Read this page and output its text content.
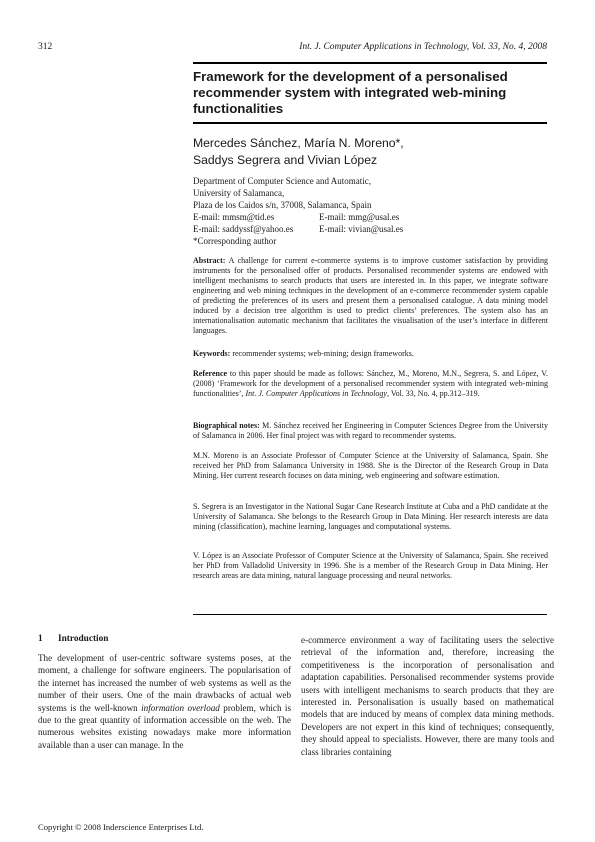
312	Int. J. Computer Applications in Technology, Vol. 33, No. 4, 2008
Framework for the development of a personalised recommender system with integrated web-mining functionalities
Mercedes Sánchez, María N. Moreno*,
Saddys Segrera and Vivian López
Department of Computer Science and Automatic,
University of Salamanca,
Plaza de los Caidos s/n, 37008, Salamanca, Spain
E-mail: mmsm@tid.es	E-mail: mmg@usal.es
E-mail: saddyssf@yahoo.es	E-mail: vivian@usal.es
*Corresponding author
Abstract: A challenge for current e-commerce systems is to improve customer satisfaction by providing instruments for the personalised offer of products. Personalised recommender systems are endowed with intelligent mechanisms to search products that users are interested in. In this paper, we integrate software engineering and web mining techniques in the development of an e-commerce recommender system capable of predicting the preferences of its users and present them a personalised catalogue. A data mining model induced by a decision tree algorithm is used to predict clients’ preferences. The system also has an internationalisation automatic mechanism that facilitates the visualisation of the user’s interface in different languages.
Keywords: recommender systems; web-mining; design frameworks.
Reference to this paper should be made as follows: Sánchez, M., Moreno, M.N., Segrera, S. and López, V. (2008) ‘Framework for the development of a personalised recommender system with integrated web-mining functionalities’, Int. J. Computer Applications in Technology, Vol. 33, No. 4, pp.312–319.
Biographical notes: M. Sánchez received her Engineering in Computer Sciences Degree from the University of Salamanca in 2006. Her final project was with regard to recommender systems.
M.N. Moreno is an Associate Professor of Computer Science at the University of Salamanca, Spain. She received her PhD from Salamanca University in 1988. She is the Director of the Research Group in Data Mining. Her current research focuses on data mining, web engineering and software estimation.
S. Segrera is an Investigator in the National Sugar Cane Research Institute at Cuba and a PhD candidate at the University of Salamanca. She belongs to the Research Group in Data Mining. Her research interests are data mining (classification), machine learning, languages and computational systems.
V. López is an Associate Professor of Computer Science at the University of Salamanca, Spain. She received her PhD from Valladolid University in 1996. She is a member of the Research Group in Data Mining. Her research areas are data mining, natural language processing and neural networks.
1 Introduction
The development of user-centric software systems poses, at the moment, a challenge for software engineers. The popularisation of the internet has increased the number of web systems as well as the number of their users. One of the main drawbacks of actual web systems is the well-known information overload problem, which is due to the great quantity of information accessible on the web. The numerous websites existing nowadays make more information available than a user can manage. In the
e-commerce environment a way of facilitating users the selective retrieval of the information and, therefore, increasing the competitiveness is the incorporation of personalisation and adaptation capabilities. Personalised recommender systems provide users with intelligent mechanisms to search products that they are interested in. Personalisation is usually based on mathematical models that are induced by means of complex data mining methods. Developers are not expert in this kind of techniques; consequently, they should appeal to specialists. However, there are many tools and class libraries containing
Copyright © 2008 Inderscience Enterprises Ltd.
